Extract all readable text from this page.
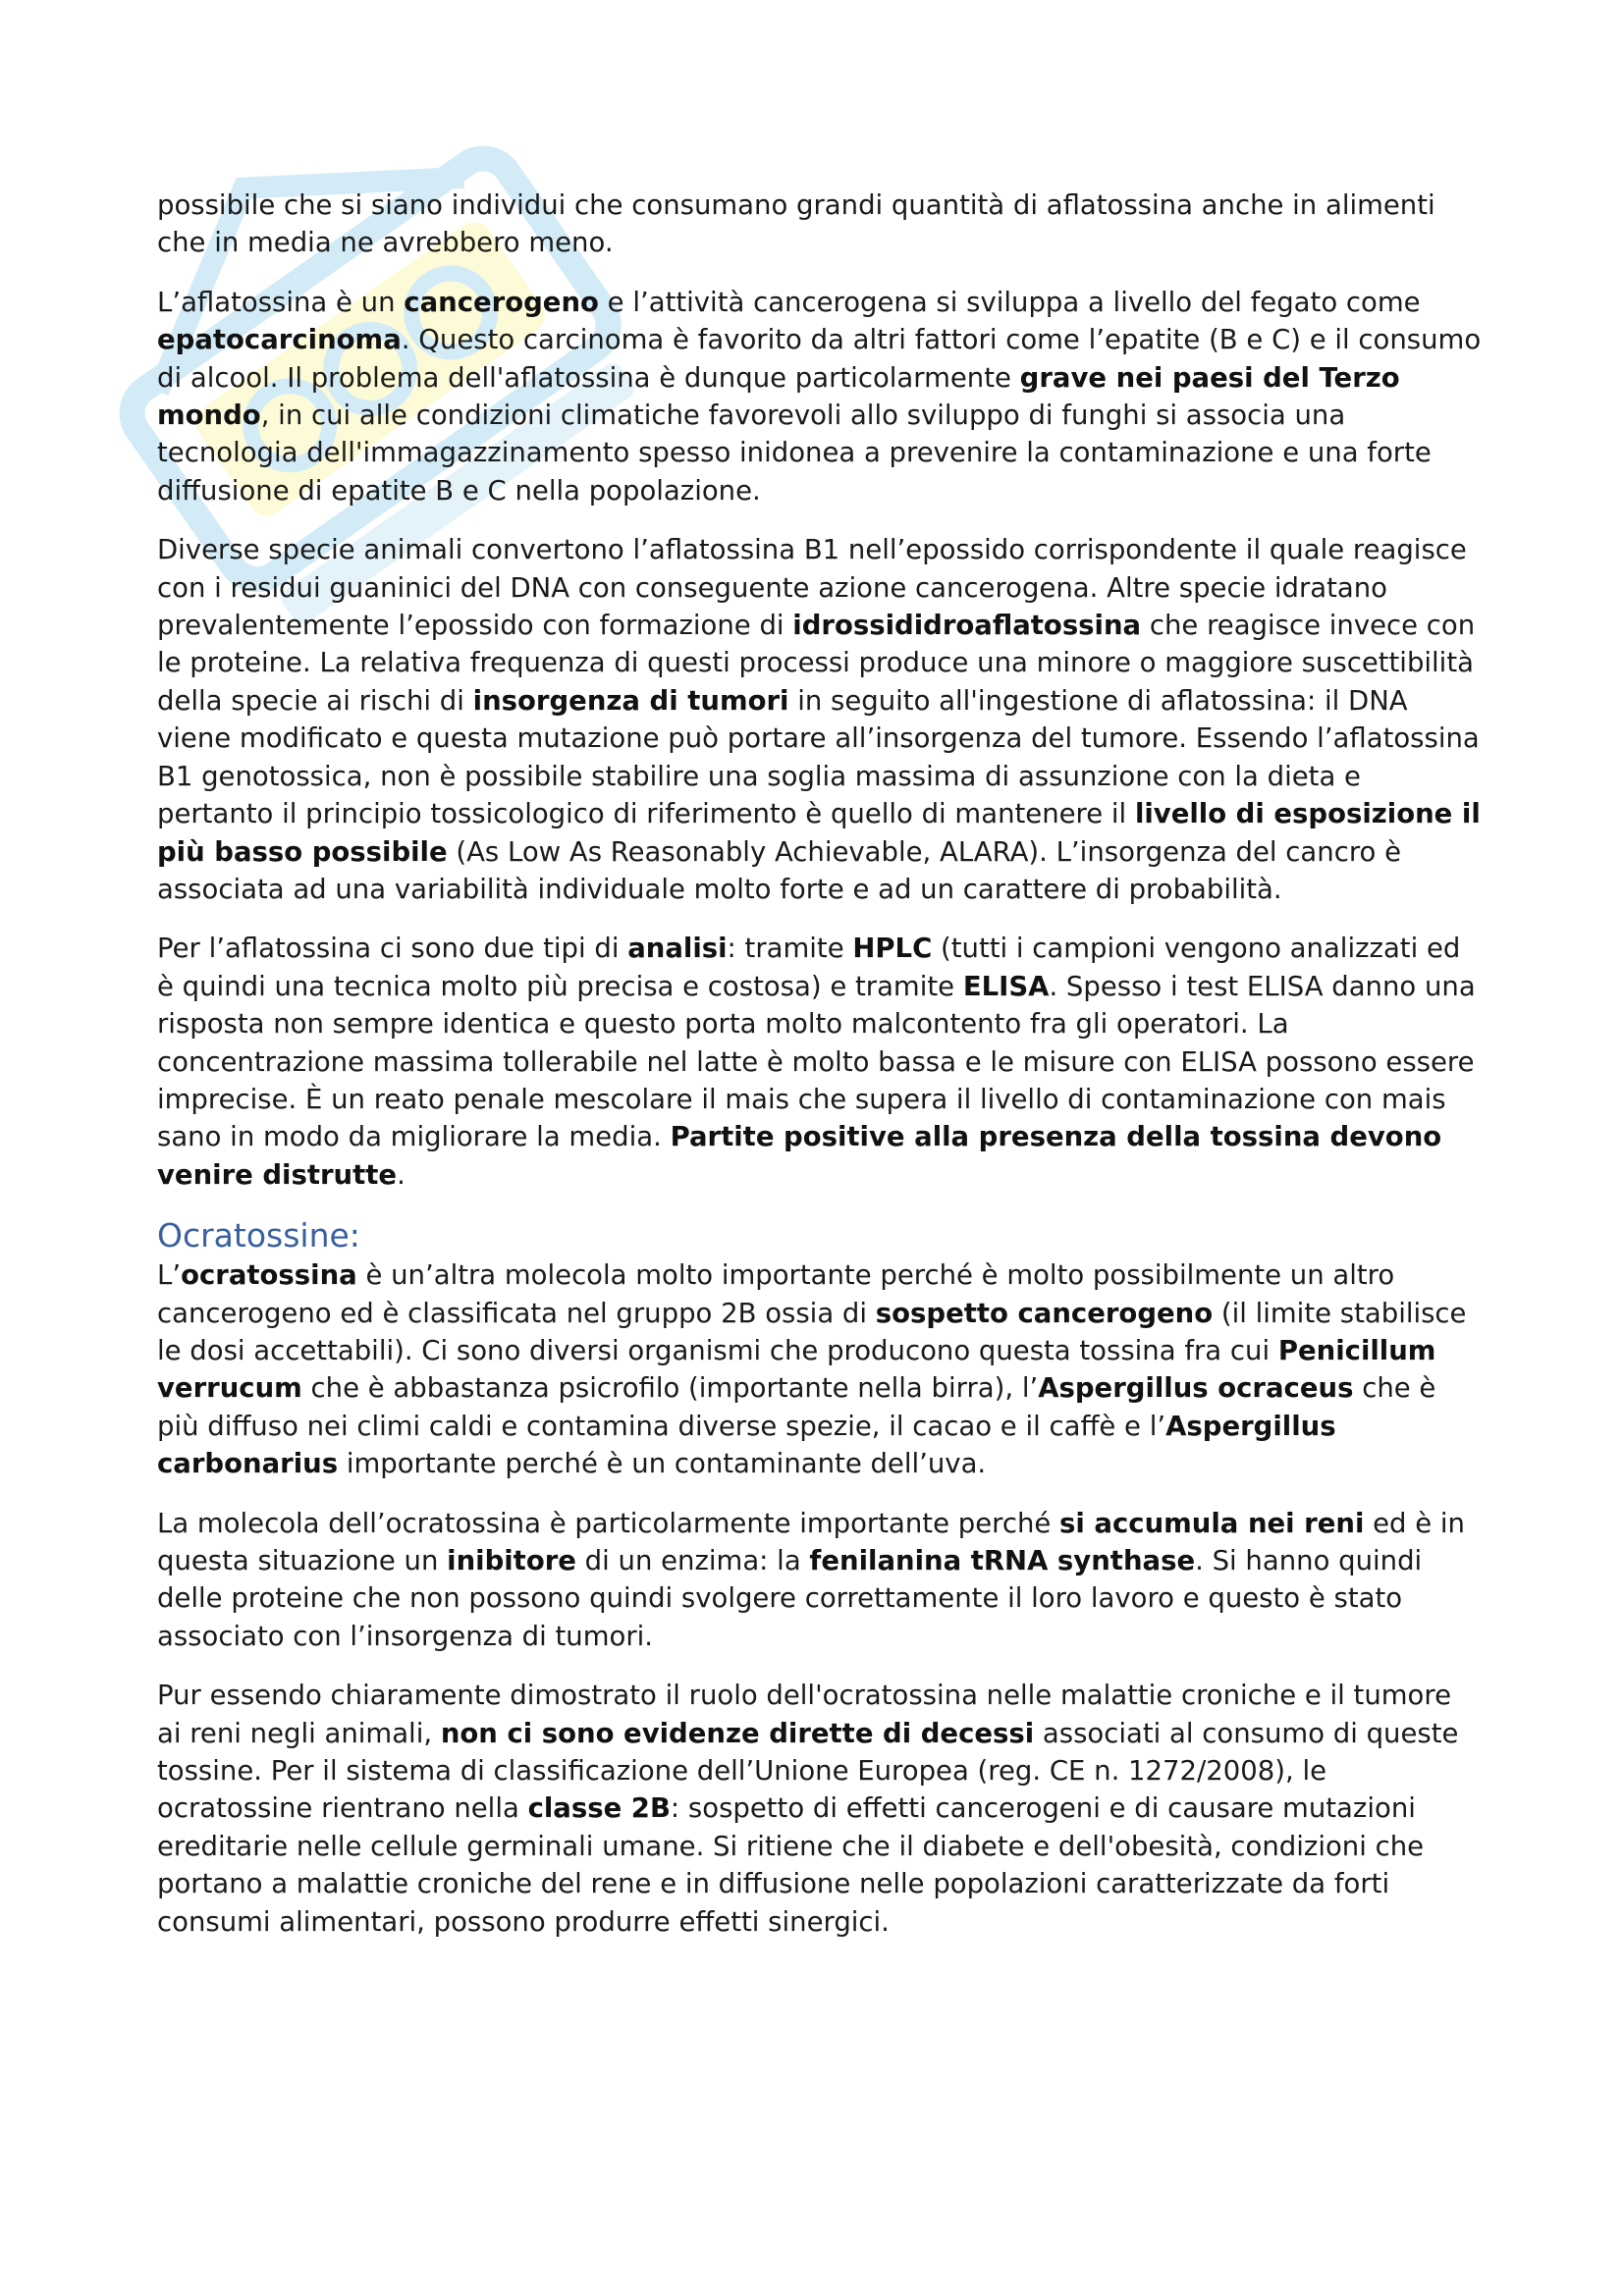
possibile che si siano individui che consumano grandi quantità di aflatossina anche in alimenti che in media ne avrebbero meno.

L’aflatossina è un cancerogeno e l’attività cancerogena si sviluppa a livello del fegato come epatocarcinoma. Questo carcinoma è favorito da altri fattori come l’epatite (B e C) e il consumo di alcool. Il problema dell'aflatossina è dunque particolarmente grave nei paesi del Terzo mondo, in cui alle condizioni climatiche favorevoli allo sviluppo di funghi si associa una tecnologia dell'immagazzinamento spesso inidonea a prevenire la contaminazione e una forte diffusione di epatite B e C nella popolazione.

Diverse specie animali convertono l’aflatossina B1 nell’epossido corrispondente il quale reagisce con i residui guaninici del DNA con conseguente azione cancerogena. Altre specie idratano prevalentemente l’epossido con formazione di idrossididroaflatossina che reagisce invece con le proteine. La relativa frequenza di questi processi produce una minore o maggiore suscettibilità della specie ai rischi di insorgenza di tumori in seguito all'ingestione di aflatossina: il DNA viene modificato e questa mutazione può portare all’insorgenza del tumore. Essendo l’aflatossina B1 genotossica, non è possibile stabilire una soglia massima di assunzione con la dieta e pertanto il principio tossicologico di riferimento è quello di mantenere il livello di esposizione il più basso possibile (As Low As Reasonably Achievable, ALARA). L’insorgenza del cancro è associata ad una variabilità individuale molto forte e ad un carattere di probabilità.

Per l’aflatossina ci sono due tipi di analisi: tramite HPLC (tutti i campioni vengono analizzati ed è quindi una tecnica molto più precisa e costosa) e tramite ELISA. Spesso i test ELISA danno una risposta non sempre identica e questo porta molto malcontento fra gli operatori. La concentrazione massima tollerabile nel latte è molto bassa e le misure con ELISA possono essere imprecise. È un reato penale mescolare il mais che supera il livello di contaminazione con mais sano in modo da migliorare la media. Partite positive alla presenza della tossina devono venire distrutte.

Ocratossine:

L’ocratossina è un’altra molecola molto importante perché è molto possibilmente un altro cancerogeno ed è classificata nel gruppo 2B ossia di sospetto cancerogeno (il limite stabilisce le dosi accettabili). Ci sono diversi organismi che producono questa tossina fra cui Penicillum verrucum che è abbastanza psicrofilo (importante nella birra), l’Aspergillus ocraceus che è più diffuso nei climi caldi e contamina diverse spezie, il cacao e il caffè e l’Aspergillus carbonarius importante perché è un contaminante dell’uva.

La molecola dell’ocratossina è particolarmente importante perché si accumula nei reni ed è in questa situazione un inibitore di un enzima: la fenilanina tRNA synthase. Si hanno quindi delle proteine che non possono quindi svolgere correttamente il loro lavoro e questo è stato associato con l’insorgenza di tumori.

Pur essendo chiaramente dimostrato il ruolo dell'ocratossina nelle malattie croniche e il tumore ai reni negli animali, non ci sono evidenze dirette di decessi associati al consumo di queste tossine. Per il sistema di classificazione dell’Unione Europea (reg. CE n. 1272/2008), le ocratossine rientrano nella classe 2B: sospetto di effetti cancerogeni e di causare mutazioni ereditarie nelle cellule germinali umane. Si ritiene che il diabete e dell'obesità, condizioni che portano a malattie croniche del rene e in diffusione nelle popolazioni caratterizzate da forti consumi alimentari, possono produrre effetti sinergici.
